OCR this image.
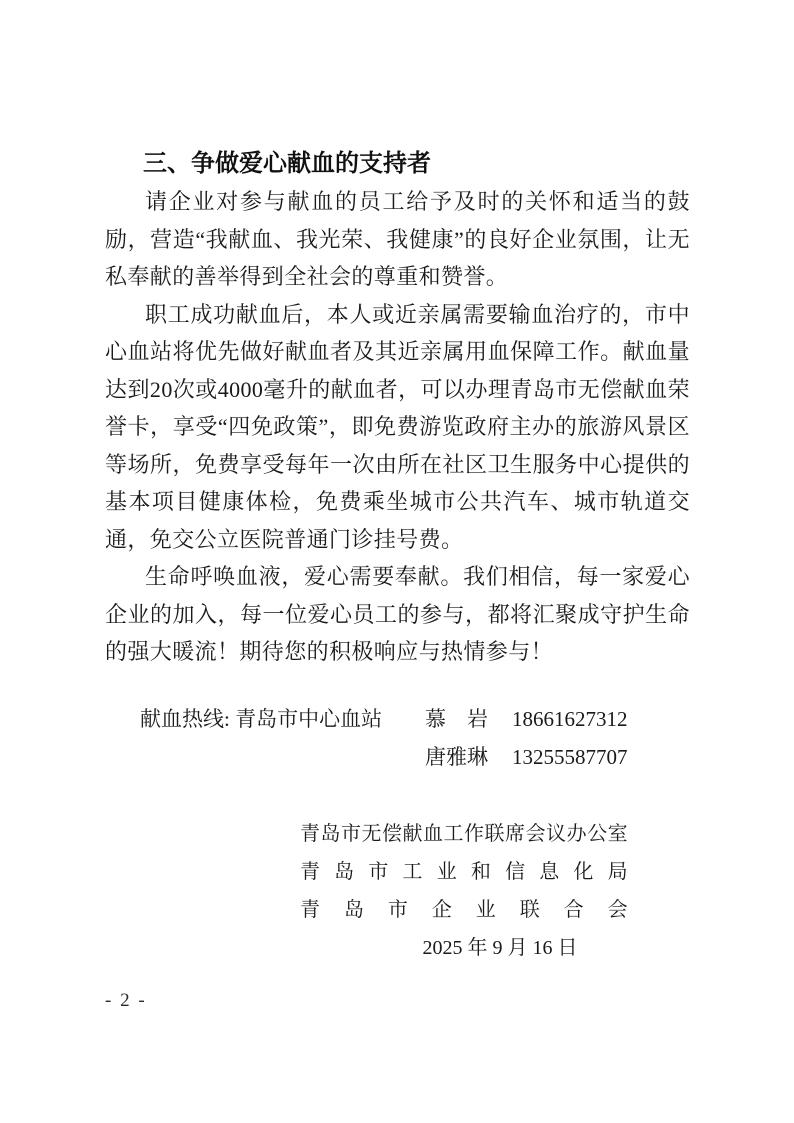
三、争做爱心献血的支持者

请企业对参与献血的员工给予及时的关怀和适当的鼓励，营造“我献血、我光荣、我健康”的良好企业氛围，让无私奉献的善举得到全社会的尊重和赞誉。

职工成功献血后，本人或近亲属需要输血治疗的，市中心血站将优先做好献血者及其近亲属用血保障工作。献血量达到20次或4000毫升的献血者，可以办理青岛市无偿献血荣誉卡，享受“四免政策”，即免费游览政府主办的旅游风景区等场所，免费享受每年一次由所在社区卫生服务中心提供的基本项目健康体检，免费乘坐城市公共汽车、城市轨道交通，免交公立医院普通门诊挂号费。

生命呼唤血液，爱心需要奉献。我们相信，每一家爱心企业的加入，每一位爱心员工的参与，都将汇聚成守护生命的强大暖流！期待您的积极响应与热情参与！

献血热线: 青岛市中心血站	慕　岩	18661627312
唐雅琳	13255587707
青岛市无偿献血工作联席会议办公室
青岛市工业和信息化局
青岛市企业联合会
2025 年 9 月 16 日
- 2 -
